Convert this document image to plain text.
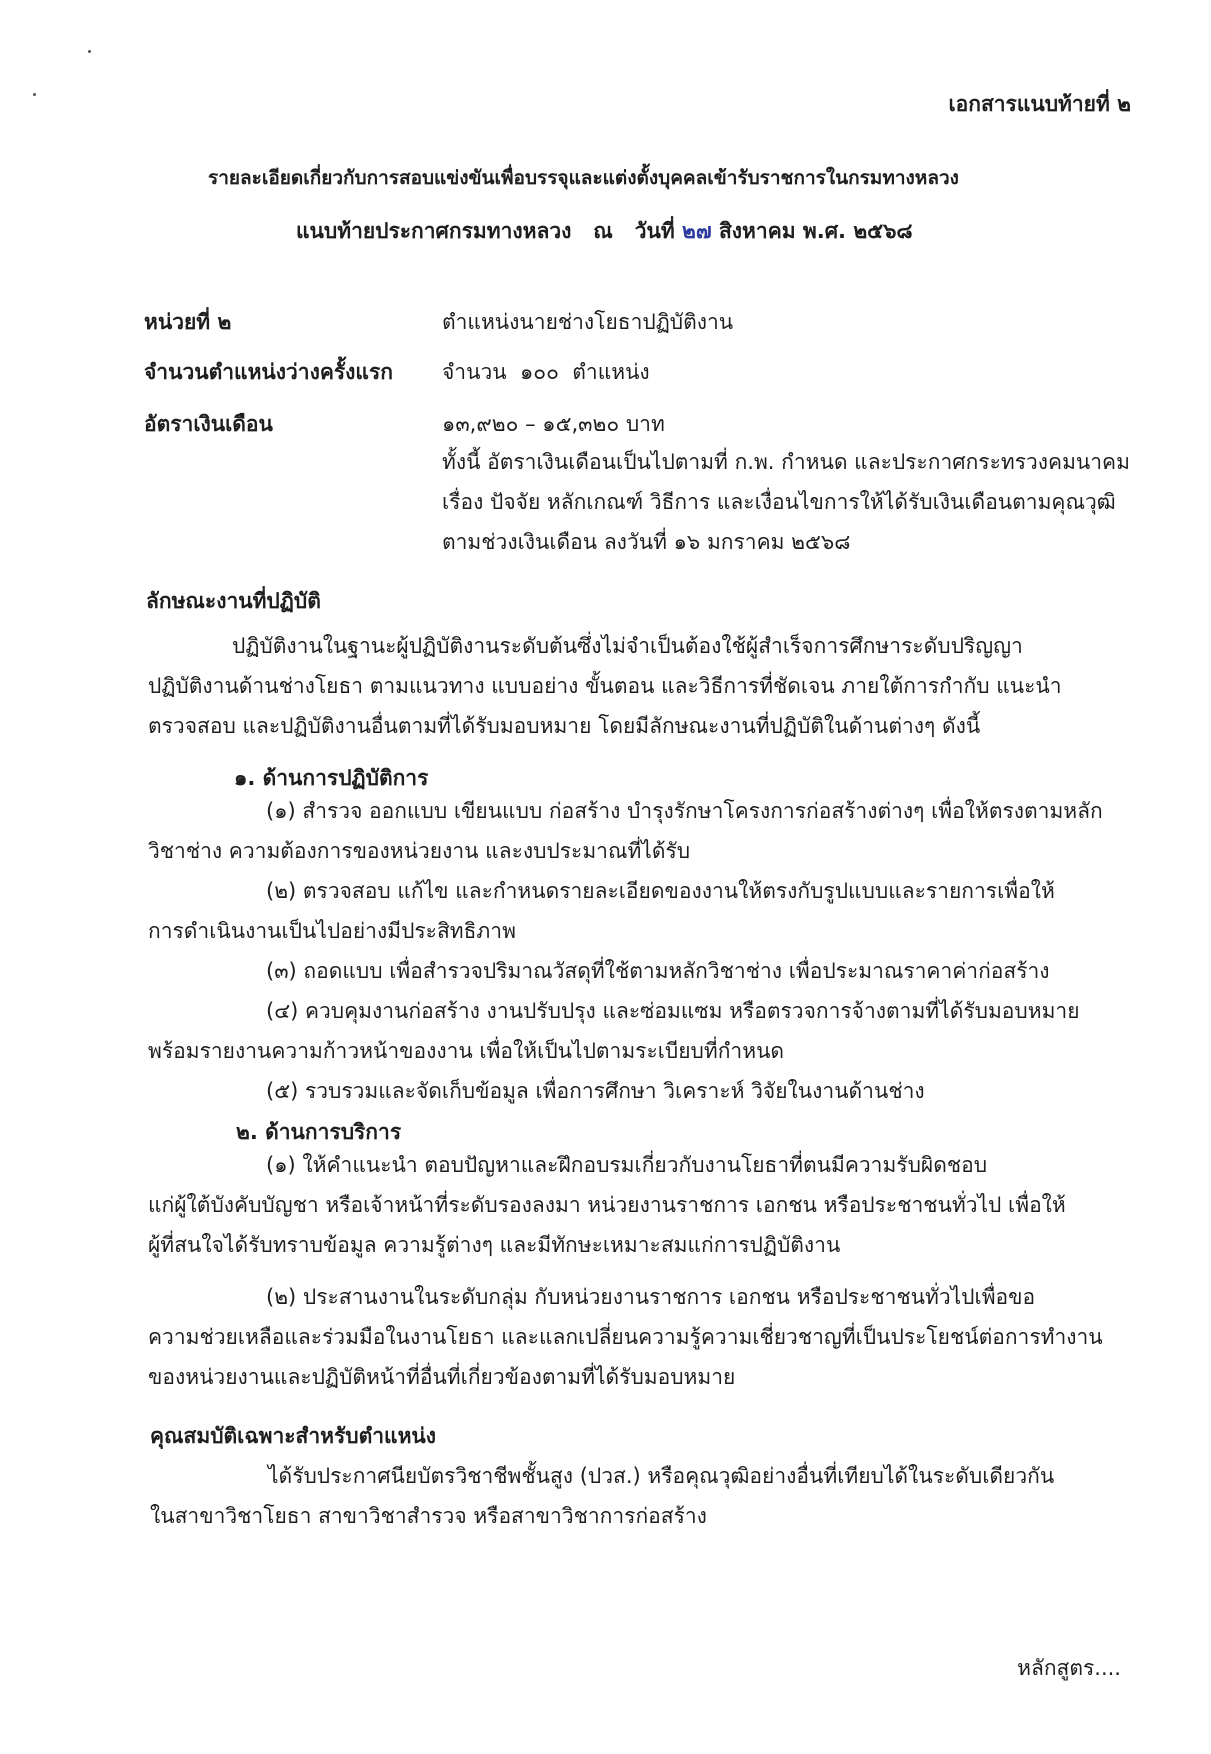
เอกสารแนบท้ายที่ ๒
รายละเอียดเกี่ยวกับการสอบแข่งขันเพื่อบรรจุและแต่งตั้งบุคคลเข้ารับราชการในกรมทางหลวง
แนบท้ายประกาศกรมทางหลวง   ณ   วันที่ ๒๗ สิงหาคม พ.ศ. ๒๕๖๘
หน่วยที่ ๒	ตำแหน่งนายช่างโยธาปฏิบัติงาน
จำนวนตำแหน่งว่างครั้งแรก จำนวน  ๑๐๐  ตำแหน่ง
อัตราเงินเดือน	๑๓,๙๒๐ – ๑๕,๓๒๐ บาท
ทั้งนี้ อัตราเงินเดือนเป็นไปตามที่ ก.พ. กำหนด และประกาศกระทรวงคมนาคม
เรื่อง ปัจจัย หลักเกณฑ์ วิธีการ และเงื่อนไขการให้ได้รับเงินเดือนตามคุณวุฒิ
ตามช่วงเงินเดือน ลงวันที่ ๑๖ มกราคม ๒๕๖๘
ลักษณะงานที่ปฏิบัติ
ปฏิบัติงานในฐานะผู้ปฏิบัติงานระดับต้นซึ่งไม่จำเป็นต้องใช้ผู้สำเร็จการศึกษาระดับปริญญา
ปฏิบัติงานด้านช่างโยธา ตามแนวทาง แบบอย่าง ขั้นตอน และวิธีการที่ชัดเจน ภายใต้การกำกับ แนะนำ
ตรวจสอบ และปฏิบัติงานอื่นตามที่ได้รับมอบหมาย โดยมีลักษณะงานที่ปฏิบัติในด้านต่างๆ ดังนี้
๑. ด้านการปฏิบัติการ
(๑) สำรวจ ออกแบบ เขียนแบบ ก่อสร้าง บำรุงรักษาโครงการก่อสร้างต่างๆ เพื่อให้ตรงตามหลัก
วิชาช่าง ความต้องการของหน่วยงาน และงบประมาณที่ได้รับ
(๒) ตรวจสอบ แก้ไข และกำหนดรายละเอียดของงานให้ตรงกับรูปแบบและรายการเพื่อให้
การดำเนินงานเป็นไปอย่างมีประสิทธิภาพ
(๓) ถอดแบบ เพื่อสำรวจปริมาณวัสดุที่ใช้ตามหลักวิชาช่าง เพื่อประมาณราคาค่าก่อสร้าง
(๔) ควบคุมงานก่อสร้าง งานปรับปรุง และซ่อมแซม หรือตรวจการจ้างตามที่ได้รับมอบหมาย
พร้อมรายงานความก้าวหน้าของงาน เพื่อให้เป็นไปตามระเบียบที่กำหนด
(๕) รวบรวมและจัดเก็บข้อมูล เพื่อการศึกษา วิเคราะห์ วิจัยในงานด้านช่าง
๒. ด้านการบริการ
(๑) ให้คำแนะนำ ตอบปัญหาและฝึกอบรมเกี่ยวกับงานโยธาที่ตนมีความรับผิดชอบ
แก่ผู้ใต้บังคับบัญชา หรือเจ้าหน้าที่ระดับรองลงมา หน่วยงานราชการ เอกชน หรือประชาชนทั่วไป เพื่อให้
ผู้ที่สนใจได้รับทราบข้อมูล ความรู้ต่างๆ และมีทักษะเหมาะสมแก่การปฏิบัติงาน
(๒) ประสานงานในระดับกลุ่ม กับหน่วยงานราชการ เอกชน หรือประชาชนทั่วไปเพื่อขอ
ความช่วยเหลือและร่วมมือในงานโยธา และแลกเปลี่ยนความรู้ความเชี่ยวชาญที่เป็นประโยชน์ต่อการทำงาน
ของหน่วยงานและปฏิบัติหน้าที่อื่นที่เกี่ยวข้องตามที่ได้รับมอบหมาย
คุณสมบัติเฉพาะสำหรับตำแหน่ง
ได้รับประกาศนียบัตรวิชาชีพชั้นสูง (ปวส.) หรือคุณวุฒิอย่างอื่นที่เทียบได้ในระดับเดียวกัน
ในสาขาวิชาโยธา สาขาวิชาสำรวจ หรือสาขาวิชาการก่อสร้าง
หลักสูตร....
